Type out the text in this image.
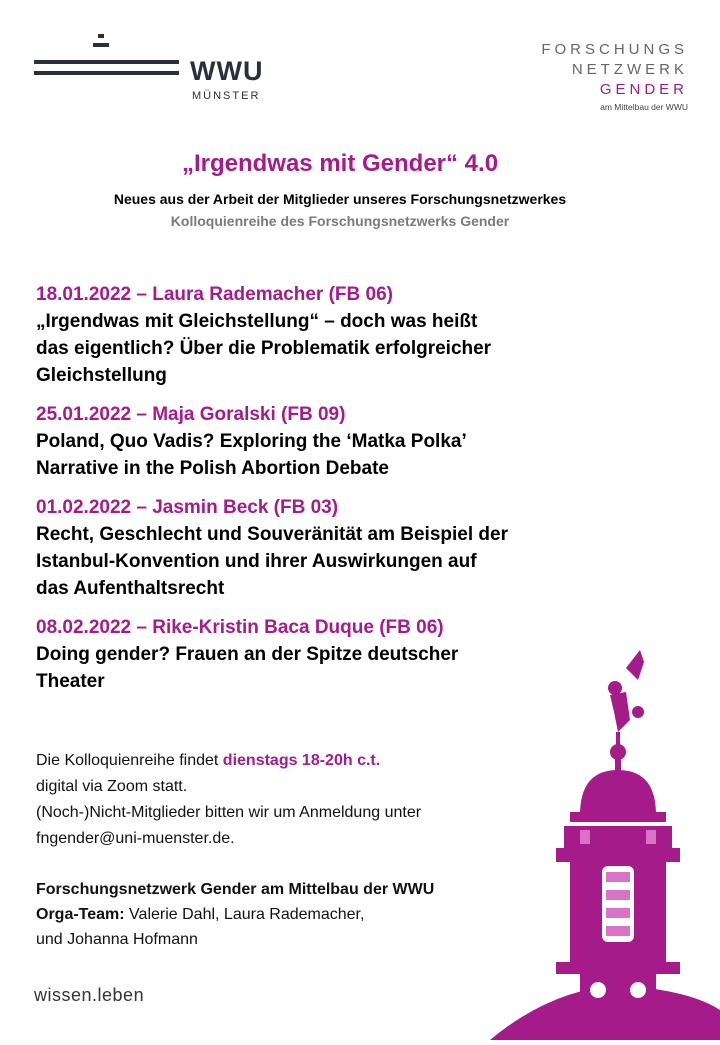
WWU
MÜNSTER
FORSCHUNGS
NETZWERK
GENDER
am Mittelbau der WWU
„Irgendwas mit Gender“ 4.0
Neues aus der Arbeit der Mitglieder unseres Forschungsnetzwerkes
Kolloquienreihe des Forschungsnetzwerks Gender
18.01.2022 – Laura Rademacher (FB 06)
„Irgendwas mit Gleichstellung“ – doch was heißt
das eigentlich? Über die Problematik erfolgreicher
Gleichstellung
25.01.2022 – Maja Goralski (FB 09)
Poland, Quo Vadis? Exploring the ‘Matka Polka’
Narrative in the Polish Abortion Debate
01.02.2022 – Jasmin Beck (FB 03)
Recht, Geschlecht und Souveränität am Beispiel der
Istanbul-Konvention und ihrer Auswirkungen auf
das Aufenthaltsrecht
08.02.2022 – Rike-Kristin Baca Duque (FB 06)
Doing gender? Frauen an der Spitze deutscher
Theater
Die Kolloquienreihe findet dienstags 18-20h c.t.
digital via Zoom statt.
(Noch-)Nicht-Mitglieder bitten wir um Anmeldung unter
fngender@uni-muenster.de.
Forschungsnetzwerk Gender am Mittelbau der WWU
Orga-Team: Valerie Dahl, Laura Rademacher,
und Johanna Hofmann
wissen.leben
